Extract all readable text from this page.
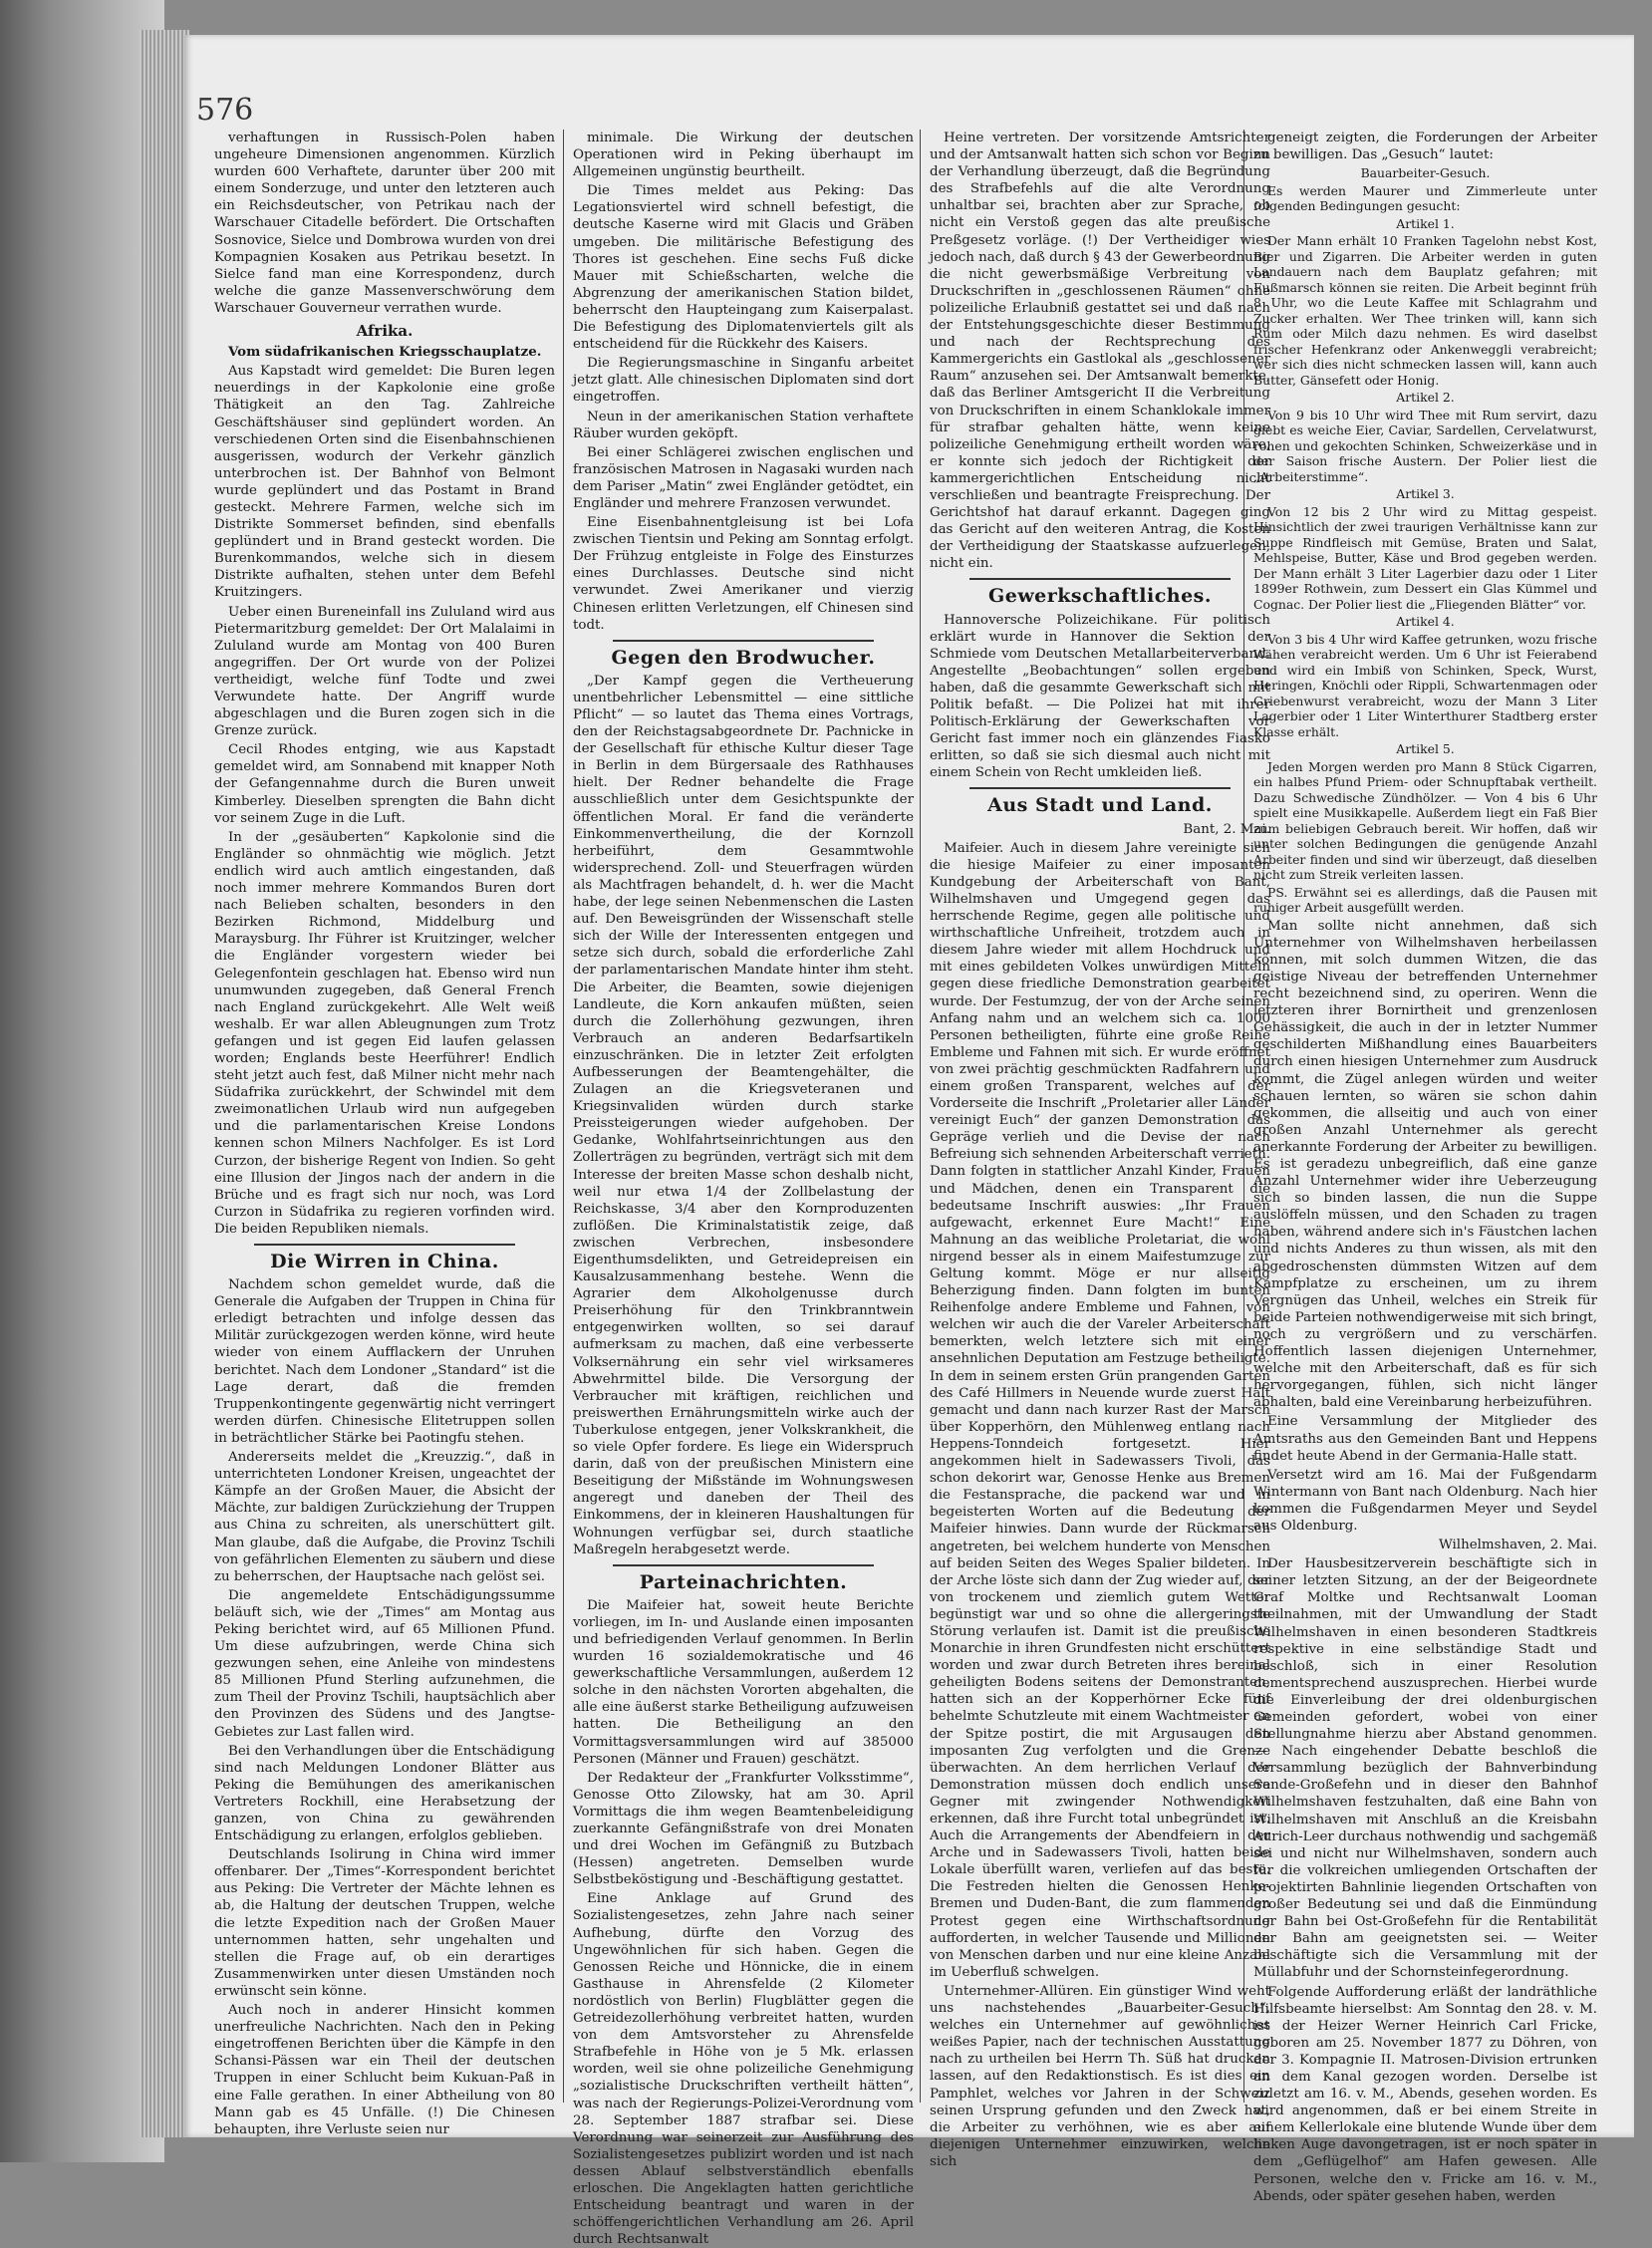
576

verhaftungen in Russisch-Polen haben ungeheure Dimensionen angenommen. Kürzlich wurden 600 Verhaftete, darunter über 200 mit einem Sonderzuge, und unter den letzteren auch ein Reichsdeutscher, von Petrikau nach der Warschauer Citadelle befördert. Die Ortschaften Sosnovice, Sielce und Dombrowa wurden von drei Kompagnien Kosaken aus Petrikau besetzt. In Sielce fand man eine Korrespondenz, durch welche die ganze Massenverschwörung dem Warschauer Gouverneur verrathen wurde.

Afrika.

Vom südafrikanischen Kriegsschauplatze.

Aus Kapstadt wird gemeldet: Die Buren legen neuerdings in der Kapkolonie eine große Thätigkeit an den Tag. Zahlreiche Geschäftshäuser sind geplündert worden. An verschiedenen Orten sind die Eisenbahnschienen ausgerissen, wodurch der Verkehr gänzlich unterbrochen ist. Der Bahnhof von Belmont wurde geplündert und das Postamt in Brand gesteckt. Mehrere Farmen, welche sich im Distrikte Sommerset befinden, sind ebenfalls geplündert und in Brand gesteckt worden. Die Burenkommandos, welche sich in diesem Distrikte aufhalten, stehen unter dem Befehl Kruitzingers.

Ueber einen Bureneinfall ins Zululand wird aus Pietermaritzburg gemeldet: Der Ort Malalaimi in Zululand wurde am Montag von 400 Buren angegriffen. Der Ort wurde von der Polizei vertheidigt, welche fünf Todte und zwei Verwundete hatte. Der Angriff wurde abgeschlagen und die Buren zogen sich in die Grenze zurück.

Cecil Rhodes entging, wie aus Kapstadt gemeldet wird, am Sonnabend mit knapper Noth der Gefangennahme durch die Buren unweit Kimberley. Dieselben sprengten die Bahn dicht vor seinem Zuge in die Luft.

In der „gesäuberten“ Kapkolonie sind die Engländer so ohnmächtig wie möglich. Jetzt endlich wird auch amtlich eingestanden, daß noch immer mehrere Kommandos Buren dort nach Belieben schalten, besonders in den Bezirken Richmond, Middelburg und Maraysburg. Ihr Führer ist Kruitzinger, welcher die Engländer vorgestern wieder bei Gelegenfontein geschlagen hat. Ebenso wird nun unumwunden zugegeben, daß General French nach England zurückgekehrt. Alle Welt weiß weshalb. Er war allen Ableugnungen zum Trotz gefangen und ist gegen Eid laufen gelassen worden; Englands beste Heerführer! Endlich steht jetzt auch fest, daß Milner nicht mehr nach Südafrika zurückkehrt, der Schwindel mit dem zweimonatlichen Urlaub wird nun aufgegeben und die parlamentarischen Kreise Londons kennen schon Milners Nachfolger. Es ist Lord Curzon, der bisherige Regent von Indien. So geht eine Illusion der Jingos nach der andern in die Brüche und es fragt sich nur noch, was Lord Curzon in Südafrika zu regieren vorfinden wird. Die beiden Republiken niemals.

Die Wirren in China.

Nachdem schon gemeldet wurde, daß die Generale die Aufgaben der Truppen in China für erledigt betrachten und infolge dessen das Militär zurückgezogen werden könne, wird heute wieder von einem Aufflackern der Unruhen berichtet. Nach dem Londoner „Standard“ ist die Lage derart, daß die fremden Truppenkontingente gegenwärtig nicht verringert werden dürfen. Chinesische Elitetruppen sollen in beträchtlicher Stärke bei Paotingfu stehen.

Andererseits meldet die „Kreuzzig.“, daß in unterrichteten Londoner Kreisen, ungeachtet der Kämpfe an der Großen Mauer, die Absicht der Mächte, zur baldigen Zurückziehung der Truppen aus China zu schreiten, als unerschüttert gilt. Man glaube, daß die Aufgabe, die Provinz Tschili von gefährlichen Elementen zu säubern und diese zu beherrschen, der Hauptsache nach gelöst sei.

Die angemeldete Entschädigungssumme beläuft sich, wie der „Times“ am Montag aus Peking berichtet wird, auf 65 Millionen Pfund. Um diese aufzubringen, werde China sich gezwungen sehen, eine Anleihe von mindestens 85 Millionen Pfund Sterling aufzunehmen, die zum Theil der Provinz Tschili, hauptsächlich aber den Provinzen des Südens und des Jangtse-Gebietes zur Last fallen wird.

Bei den Verhandlungen über die Entschädigung sind nach Meldungen Londoner Blätter aus Peking die Bemühungen des amerikanischen Vertreters Rockhill, eine Herabsetzung der ganzen, von China zu gewährenden Entschädigung zu erlangen, erfolglos geblieben.

Deutschlands Isolirung in China wird immer offenbarer. Der „Times“-Korrespondent berichtet aus Peking: Die Vertreter der Mächte lehnen es ab, die Haltung der deutschen Truppen, welche die letzte Expedition nach der Großen Mauer unternommen hatten, sehr ungehalten und stellen die Frage auf, ob ein derartiges Zusammenwirken unter diesen Umständen noch erwünscht sein könne.

Auch noch in anderer Hinsicht kommen unerfreuliche Nachrichten. Nach den in Peking eingetroffenen Berichten über die Kämpfe in den Schansi-Pässen war ein Theil der deutschen Truppen in einer Schlucht beim Kukuan-Paß in eine Falle gerathen. In einer Abtheilung von 80 Mann gab es 45 Unfälle. (!) Die Chinesen behaupten, ihre Verluste seien nur

minimale. Die Wirkung der deutschen Operationen wird in Peking überhaupt im Allgemeinen ungünstig beurtheilt.

Die Times meldet aus Peking: Das Legationsviertel wird schnell befestigt, die deutsche Kaserne wird mit Glacis und Gräben umgeben. Die militärische Befestigung des Thores ist geschehen. Eine sechs Fuß dicke Mauer mit Schießscharten, welche die Abgrenzung der amerikanischen Station bildet, beherrscht den Haupteingang zum Kaiserpalast. Die Befestigung des Diplomatenviertels gilt als entscheidend für die Rückkehr des Kaisers.

Die Regierungsmaschine in Singanfu arbeitet jetzt glatt. Alle chinesischen Diplomaten sind dort eingetroffen.

Neun in der amerikanischen Station verhaftete Räuber wurden geköpft.

Bei einer Schlägerei zwischen englischen und französischen Matrosen in Nagasaki wurden nach dem Pariser „Matin“ zwei Engländer getödtet, ein Engländer und mehrere Franzosen verwundet.

Eine Eisenbahnentgleisung ist bei Lofa zwischen Tientsin und Peking am Sonntag erfolgt. Der Frühzug entgleiste in Folge des Einsturzes eines Durchlasses. Deutsche sind nicht verwundet. Zwei Amerikaner und vierzig Chinesen erlitten Verletzungen, elf Chinesen sind todt.

Gegen den Brodwucher.

„Der Kampf gegen die Vertheuerung unentbehrlicher Lebensmittel — eine sittliche Pflicht“ — so lautet das Thema eines Vortrags, den der Reichstagsabgeordnete Dr. Pachnicke in der Gesellschaft für ethische Kultur dieser Tage in Berlin in dem Bürgersaale des Rathhauses hielt. Der Redner behandelte die Frage ausschließlich unter dem Gesichtspunkte der öffentlichen Moral. Er fand die veränderte Einkommenvertheilung, die der Kornzoll herbeiführt, dem Gesammtwohle widersprechend. Zoll- und Steuerfragen würden als Machtfragen behandelt, d. h. wer die Macht habe, der lege seinen Nebenmenschen die Lasten auf. Den Beweisgründen der Wissenschaft stelle sich der Wille der Interessenten entgegen und setze sich durch, sobald die erforderliche Zahl der parlamentarischen Mandate hinter ihm steht. Die Arbeiter, die Beamten, sowie diejenigen Landleute, die Korn ankaufen müßten, seien durch die Zollerhöhung gezwungen, ihren Verbrauch an anderen Bedarfsartikeln einzuschränken. Die in letzter Zeit erfolgten Aufbesserungen der Beamtengehälter, die Zulagen an die Kriegsveteranen und Kriegsinvaliden würden durch starke Preissteigerungen wieder aufgehoben. Der Gedanke, Wohlfahrtseinrichtungen aus den Zollerträgen zu begründen, verträgt sich mit dem Interesse der breiten Masse schon deshalb nicht, weil nur etwa 1/4 der Zollbelastung der Reichskasse, 3/4 aber den Kornproduzenten zuflößen. Die Kriminalstatistik zeige, daß zwischen Verbrechen, insbesondere Eigenthumsdelikten, und Getreidepreisen ein Kausalzusammenhang bestehe. Wenn die Agrarier dem Alkoholgenusse durch Preiserhöhung für den Trinkbranntwein entgegenwirken wollten, so sei darauf aufmerksam zu machen, daß eine verbesserte Volksernährung ein sehr viel wirksameres Abwehrmittel bilde. Die Versorgung der Verbraucher mit kräftigen, reichlichen und preiswerthen Ernährungsmitteln wirke auch der Tuberkulose entgegen, jener Volkskrankheit, die so viele Opfer fordere. Es liege ein Widerspruch darin, daß von der preußischen Ministern eine Beseitigung der Mißstände im Wohnungswesen angeregt und daneben der Theil des Einkommens, der in kleineren Haushaltungen für Wohnungen verfügbar sei, durch staatliche Maßregeln herabgesetzt werde.

Parteinachrichten.

Die Maifeier hat, soweit heute Berichte vorliegen, im In- und Auslande einen imposanten und befriedigenden Verlauf genommen. In Berlin wurden 16 sozialdemokratische und 46 gewerkschaftliche Versammlungen, außerdem 12 solche in den nächsten Vororten abgehalten, die alle eine äußerst starke Betheiligung aufzuweisen hatten. Die Betheiligung an den Vormittagsversammlungen wird auf 385000 Personen (Männer und Frauen) geschätzt.

Der Redakteur der „Frankfurter Volksstimme“, Genosse Otto Zilowsky, hat am 30. April Vormittags die ihm wegen Beamtenbeleidigung zuerkannte Gefängnißstrafe von drei Monaten und drei Wochen im Gefängniß zu Butzbach (Hessen) angetreten. Demselben wurde Selbstbeköstigung und -Beschäftigung gestattet.

Eine Anklage auf Grund des Sozialistengesetzes, zehn Jahre nach seiner Aufhebung, dürfte den Vorzug des Ungewöhnlichen für sich haben. Gegen die Genossen Reiche und Hönnicke, die in einem Gasthause in Ahrensfelde (2 Kilometer nordöstlich von Berlin) Flugblätter gegen die Getreidezollerhöhung verbreitet hatten, wurden von dem Amtsvorsteher zu Ahrensfelde Strafbefehle in Höhe von je 5 Mk. erlassen worden, weil sie ohne polizeiliche Genehmigung „sozialistische Druckschriften vertheilt hätten“, was nach der Regierungs-Polizei-Verordnung vom 28. September 1887 strafbar sei. Diese Verordnung war seinerzeit zur Ausführung des Sozialistengesetzes publizirt worden und ist nach dessen Ablauf selbstverständlich ebenfalls erloschen. Die Angeklagten hatten gerichtliche Entscheidung beantragt und waren in der schöffengerichtlichen Verhandlung am 26. April durch Rechtsanwalt

Heine vertreten. Der vorsitzende Amtsrichter und der Amtsanwalt hatten sich schon vor Beginn der Verhandlung überzeugt, daß die Begründung des Strafbefehls auf die alte Verordnung unhaltbar sei, brachten aber zur Sprache, ob nicht ein Verstoß gegen das alte preußische Preßgesetz vorläge. (!) Der Vertheidiger wies jedoch nach, daß durch § 43 der Gewerbeordnung die nicht gewerbsmäßige Verbreitung von Druckschriften in „geschlossenen Räumen“ ohne polizeiliche Erlaubniß gestattet sei und daß nach der Entstehungsgeschichte dieser Bestimmung und nach der Rechtsprechung des Kammergerichts ein Gastlokal als „geschlossener Raum“ anzusehen sei. Der Amtsanwalt bemerkte, daß das Berliner Amtsgericht II die Verbreitung von Druckschriften in einem Schanklokale immer für strafbar gehalten hätte, wenn keine polizeiliche Genehmigung ertheilt worden wäre, er konnte sich jedoch der Richtigkeit der kammergerichtlichen Entscheidung nicht verschließen und beantragte Freisprechung. Der Gerichtshof hat darauf erkannt. Dagegen ging das Gericht auf den weiteren Antrag, die Kosten der Vertheidigung der Staatskasse aufzuerlegen, nicht ein.

Gewerkschaftliches.

Hannoversche Polizeichikane. Für politisch erklärt wurde in Hannover die Sektion der Schmiede vom Deutschen Metallarbeiterverband. Angestellte „Beobachtungen“ sollen ergeben haben, daß die gesammte Gewerkschaft sich mit Politik befaßt. — Die Polizei hat mit ihrer Politisch-Erklärung der Gewerkschaften vor Gericht fast immer noch ein glänzendes Fiasko erlitten, so daß sie sich diesmal auch nicht mit einem Schein von Recht umkleiden ließ.

Aus Stadt und Land.

Bant, 2. Mai.

Maifeier. Auch in diesem Jahre vereinigte sich die hiesige Maifeier zu einer imposanten Kundgebung der Arbeiterschaft von Bant, Wilhelmshaven und Umgegend gegen das herrschende Regime, gegen alle politische und wirthschaftliche Unfreiheit, trotzdem auch in diesem Jahre wieder mit allem Hochdruck und mit eines gebildeten Volkes unwürdigen Mitteln gegen diese friedliche Demonstration gearbeitet wurde. Der Festumzug, der von der Arche seinen Anfang nahm und an welchem sich ca. 1000 Personen betheiligten, führte eine große Reihe Embleme und Fahnen mit sich. Er wurde eröffnet von zwei prächtig geschmückten Radfahrern und einem großen Transparent, welches auf der Vorderseite die Inschrift „Proletarier aller Länder vereinigt Euch“ der ganzen Demonstration das Gepräge verlieh und die Devise der nach Befreiung sich sehnenden Arbeiterschaft verrieth. Dann folgten in stattlicher Anzahl Kinder, Frauen und Mädchen, denen ein Transparent die bedeutsame Inschrift auswies: „Ihr Frauen aufgewacht, erkennet Eure Macht!“ Eine Mahnung an das weibliche Proletariat, die wohl nirgend besser als in einem Maifestumzuge zur Geltung kommt. Möge er nur allseitig Beherzigung finden. Dann folgten im bunten Reihenfolge andere Embleme und Fahnen, von welchen wir auch die der Vareler Arbeiterschaft bemerkten, welch letztere sich mit einer ansehnlichen Deputation am Festzuge betheiligte. In dem in seinem ersten Grün prangenden Garten des Café Hillmers in Neuende wurde zuerst Halt gemacht und dann nach kurzer Rast der Marsch über Kopperhörn, den Mühlenweg entlang nach Heppens-Tonndeich fortgesetzt. Hier angekommen hielt in Sadewassers Tivoli, das schon dekorirt war, Genosse Henke aus Bremen die Festansprache, die packend war und in begeisterten Worten auf die Bedeutung der Maifeier hinwies. Dann wurde der Rückmarsch angetreten, bei welchem hunderte von Menschen auf beiden Seiten des Weges Spalier bildeten. In der Arche löste sich dann der Zug wieder auf, der von trockenem und ziemlich gutem Wetter begünstigt war und so ohne die allergeringste Störung verlaufen ist. Damit ist die preußische Monarchie in ihren Grundfesten nicht erschüttert worden und zwar durch Betreten ihres bereinal geheiligten Bodens seitens der Demonstranten, hatten sich an der Kopperhörner Ecke fünf behelmte Schutzleute mit einem Wachtmeister an der Spitze postirt, die mit Argusaugen den imposanten Zug verfolgten und die Grenze überwachten. An dem herrlichen Verlauf der Demonstration müssen doch endlich unsere Gegner mit zwingender Nothwendigkeit erkennen, daß ihre Furcht total unbegründet ist. Auch die Arrangements der Abendfeiern in der Arche und in Sadewassers Tivoli, hatten beide Lokale überfüllt waren, verliefen auf das beste. Die Festreden hielten die Genossen Henke-Bremen und Duden-Bant, die zum flammenden Protest gegen eine Wirthschaftsordnung aufforderten, in welcher Tausende und Millionen von Menschen darben und nur eine kleine Anzahl im Ueberfluß schwelgen.

Unternehmer-Allüren. Ein günstiger Wind weht uns nachstehendes „Bauarbeiter-Gesuch“, welches ein Unternehmer auf gewöhnliches weißes Papier, nach der technischen Ausstattung nach zu urtheilen bei Herrn Th. Süß hat drucken lassen, auf den Redaktionstisch. Es ist dies ein Pamphlet, welches vor Jahren in der Schweiz seinen Ursprung gefunden und den Zweck hat, die Arbeiter zu verhöhnen, wie es aber auf diejenigen Unternehmer einzuwirken, welche sich

geneigt zeigten, die Forderungen der Arbeiter zu bewilligen. Das „Gesuch“ lautet:

Bauarbeiter-Gesuch.

Es werden Maurer und Zimmerleute unter folgenden Bedingungen gesucht:

Artikel 1.

Der Mann erhält 10 Franken Tagelohn nebst Kost, Bier und Zigarren. Die Arbeiter werden in guten Landauern nach dem Bauplatz gefahren; mit Fußmarsch können sie reiten. Die Arbeit beginnt früh 8 Uhr, wo die Leute Kaffee mit Schlagrahm und Zucker erhalten. Wer Thee trinken will, kann sich Rum oder Milch dazu nehmen. Es wird daselbst frischer Hefenkranz oder Ankenweggli verabreicht; wer sich dies nicht schmecken lassen will, kann auch Butter, Gänsefett oder Honig.

Artikel 2.

Von 9 bis 10 Uhr wird Thee mit Rum servirt, dazu giebt es weiche Eier, Caviar, Sardellen, Cervelatwurst, rohen und gekochten Schinken, Schweizerkäse und in der Saison frische Austern. Der Polier liest die „Arbeiterstimme“.

Artikel 3.

Von 12 bis 2 Uhr wird zu Mittag gespeist. Hinsichtlich der zwei traurigen Verhältnisse kann zur Suppe Rindfleisch mit Gemüse, Braten und Salat, Mehlspeise, Butter, Käse und Brod gegeben werden. Der Mann erhält 3 Liter Lagerbier dazu oder 1 Liter 1899er Rothwein, zum Dessert ein Glas Kümmel und Cognac. Der Polier liest die „Fliegenden Blätter“ vor.

Artikel 4.

Von 3 bis 4 Uhr wird Kaffee getrunken, wozu frische Wähen verabreicht werden. Um 6 Uhr ist Feierabend und wird ein Imbiß von Schinken, Speck, Wurst, Heringen, Knöchli oder Rippli, Schwartenmagen oder Griebenwurst verabreicht, wozu der Mann 3 Liter Lagerbier oder 1 Liter Winterthurer Stadtberg erster Klasse erhält.

Artikel 5.

Jeden Morgen werden pro Mann 8 Stück Cigarren, ein halbes Pfund Priem- oder Schnupftabak vertheilt. Dazu Schwedische Zündhölzer. — Von 4 bis 6 Uhr spielt eine Musikkapelle. Außerdem liegt ein Faß Bier zum beliebigen Gebrauch bereit. Wir hoffen, daß wir unter solchen Bedingungen die genügende Anzahl Arbeiter finden und sind wir überzeugt, daß dieselben nicht zum Streik verleiten lassen.

PS. Erwähnt sei es allerdings, daß die Pausen mit ruhiger Arbeit ausgefüllt werden.

Man sollte nicht annehmen, daß sich Unternehmer von Wilhelmshaven herbeilassen können, mit solch dummen Witzen, die das geistige Niveau der betreffenden Unternehmer recht bezeichnend sind, zu operiren. Wenn die letzteren ihrer Bornirtheit und grenzenlosen Gehässigkeit, die auch in der in letzter Nummer geschilderten Mißhandlung eines Bauarbeiters durch einen hiesigen Unternehmer zum Ausdruck kommt, die Zügel anlegen würden und weiter schauen lernten, so wären sie schon dahin gekommen, die allseitig und auch von einer großen Anzahl Unternehmer als gerecht anerkannte Forderung der Arbeiter zu bewilligen. Es ist geradezu unbegreiflich, daß eine ganze Anzahl Unternehmer wider ihre Ueberzeugung sich so binden lassen, die nun die Suppe auslöffeln müssen, und den Schaden zu tragen haben, während andere sich in's Fäustchen lachen und nichts Anderes zu thun wissen, als mit den abgedroschensten dümmsten Witzen auf dem Kampfplatze zu erscheinen, um zu ihrem Vergnügen das Unheil, welches ein Streik für beide Parteien nothwendigerweise mit sich bringt, noch zu vergrößern und zu verschärfen. Hoffentlich lassen diejenigen Unternehmer, welche mit den Arbeiterschaft, daß es für sich hervorgegangen, fühlen, sich nicht länger abhalten, bald eine Vereinbarung herbeizuführen.

Eine Versammlung der Mitglieder des Amtsraths aus den Gemeinden Bant und Heppens findet heute Abend in der Germania-Halle statt.

Versetzt wird am 16. Mai der Fußgendarm Wintermann von Bant nach Oldenburg. Nach hier kommen die Fußgendarmen Meyer und Seydel aus Oldenburg.

Wilhelmshaven, 2. Mai.

Der Hausbesitzerverein beschäftigte sich in seiner letzten Sitzung, an der der Beigeordnete Graf Moltke und Rechtsanwalt Looman theilnahmen, mit der Umwandlung der Stadt Wilhelmshaven in einen besonderen Stadtkreis respektive in eine selbständige Stadt und beschloß, sich in einer Resolution dementsprechend auszusprechen. Hierbei wurde die Einverleibung der drei oldenburgischen Gemeinden gefordert, wobei von einer Stellungnahme hierzu aber Abstand genommen. — Nach eingehender Debatte beschloß die Versammlung bezüglich der Bahnverbindung Sande-Großefehn und in dieser den Bahnhof Wilhelmshaven festzuhalten, daß eine Bahn von Wilhelmshaven mit Anschluß an die Kreisbahn Aurich-Leer durchaus nothwendig und sachgemäß sei und nicht nur Wilhelmshaven, sondern auch für die volkreichen umliegenden Ortschaften der projektirten Bahnlinie liegenden Ortschaften von großer Bedeutung sei und daß die Einmündung der Bahn bei Ost-Großefehn für die Rentabilität der Bahn am geeignetsten sei. — Weiter beschäftigte sich die Versammlung mit der Müllabfuhr und der Schornsteinfegerordnung.

Folgende Aufforderung erläßt der landräthliche Hilfsbeamte hierselbst: Am Sonntag den 28. v. M. ist der Heizer Werner Heinrich Carl Fricke, geboren am 25. November 1877 zu Döhren, von der 3. Kompagnie II. Matrosen-Division ertrunken an dem Kanal gezogen worden. Derselbe ist zuletzt am 16. v. M., Abends, gesehen worden. Es wird angenommen, daß er bei einem Streite in einem Kellerlokale eine blutende Wunde über dem linken Auge davongetragen, ist er noch später in dem „Geflügelhof“ am Hafen gewesen. Alle Personen, welche den v. Fricke am 16. v. M., Abends, oder später gesehen haben, werden
